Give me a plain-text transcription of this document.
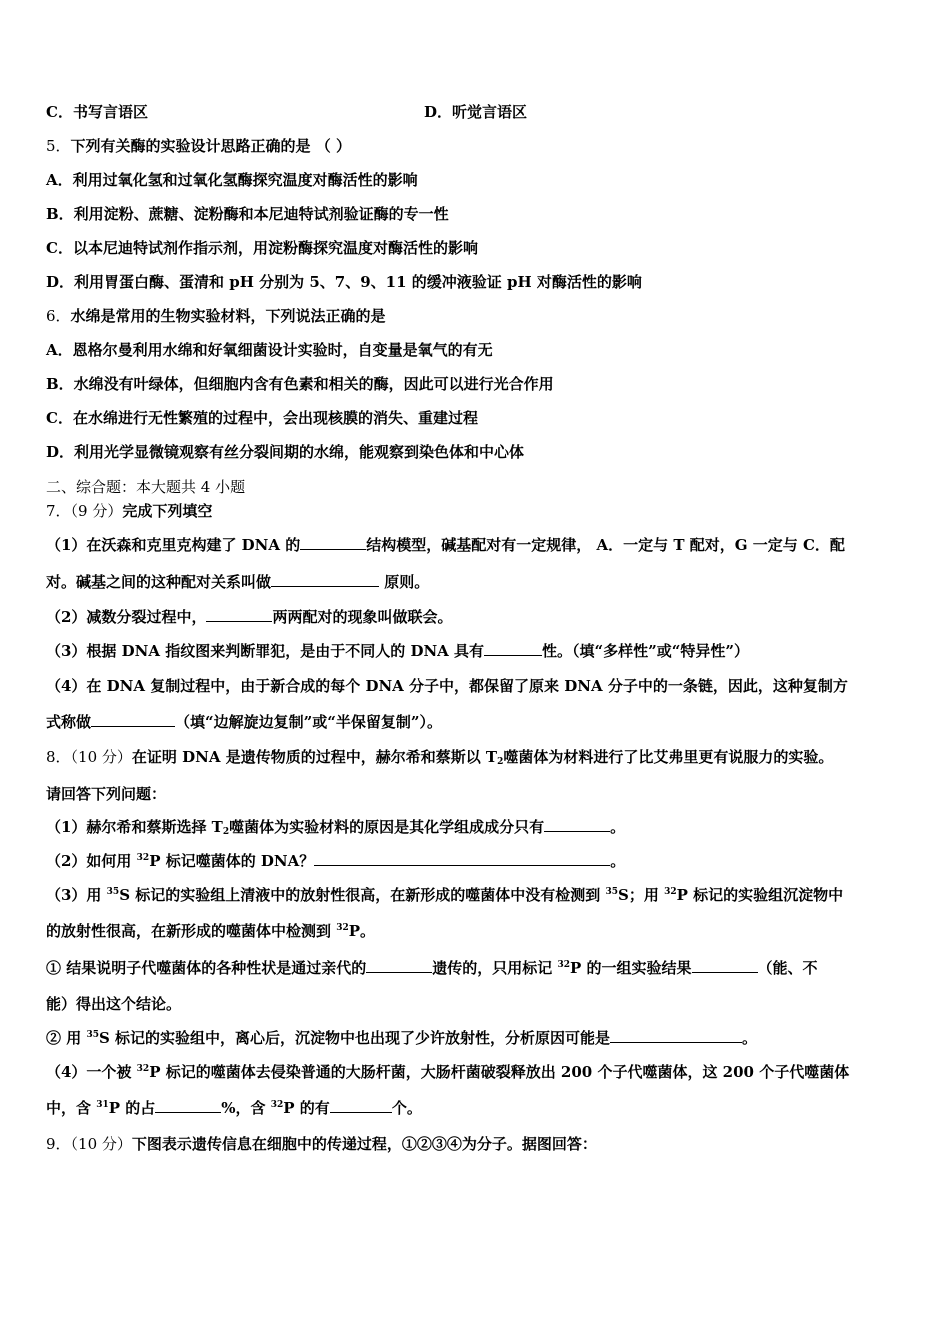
C．书写言语区	D．听觉言语区
5．下列有关酶的实验设计思路正确的是 （ ）
A．利用过氧化氢和过氧化氢酶探究温度对酶活性的影响
B．利用淀粉、蔗糖、淀粉酶和本尼迪特试剂验证酶的专一性
C．以本尼迪特试剂作指示剂，用淀粉酶探究温度对酶活性的影响
D．利用胃蛋白酶、蛋清和 pH 分别为 5、7、9、11 的缓冲液验证 pH 对酶活性的影响
6．水绵是常用的生物实验材料，下列说法正确的是
A．恩格尔曼利用水绵和好氧细菌设计实验时，自变量是氧气的有无
B．水绵没有叶绿体，但细胞内含有色素和相关的酶，因此可以进行光合作用
C．在水绵进行无性繁殖的过程中，会出现核膜的消失、重建过程
D．利用光学显微镜观察有丝分裂间期的水绵，能观察到染色体和中心体
二、综合题：本大题共 4 小题
7．（9 分）完成下列填空
（1）在沃森和克里克构建了 DNA 的	结构模型，碱基配对有一定规律， A．一定与 T 配对，G 一定与 C．配
对。碱基之间的这种配对关系叫做	原则。
（2）减数分裂过程中，	两两配对的现象叫做联会。
（3）根据 DNA 指纹图来判断罪犯，是由于不同人的 DNA 具有	性。（填“多样性”或“特异性”）
（4）在 DNA 复制过程中，由于新合成的每个 DNA 分子中，都保留了原来 DNA 分子中的一条链，因此，这种复制方
式称做	（填“边解旋边复制”或“半保留复制”）。
8．（10 分）在证明 DNA 是遗传物质的过程中，赫尔希和蔡斯以 $T_2$噬菌体为材料进行了比艾弗里更有说服力的实验。
请回答下列问题：
（1）赫尔希和蔡斯选择 $T_2$噬菌体为实验材料的原因是其化学组成成分只有	。
（2）如何用 $^{32}$P 标记噬菌体的 DNA？	。
（3）用 $^{35}$S 标记的实验组上清液中的放射性很高，在新形成的噬菌体中没有检测到 $^{35}$S；用 $^{32}$P 标记的实验组沉淀物中
的放射性很高，在新形成的噬菌体中检测到 $^{32}$P。
① 结果说明子代噬菌体的各种性状是通过亲代的	遗传的，只用标记 $^{32}$P 的一组实验结果	（能、不
能）得出这个结论。
② 用 $^{35}$S 标记的实验组中，离心后，沉淀物中也出现了少许放射性，分析原因可能是	。
（4）一个被 $^{32}$P 标记的噬菌体去侵染普通的大肠杆菌，大肠杆菌破裂释放出 200 个子代噬菌体，这 200 个子代噬菌体
中，含 $^{31}$P 的占	%，含 $^{32}$P 的有	个。
9．（10 分）下图表示遗传信息在细胞中的传递过程，①②③④为分子。据图回答：
